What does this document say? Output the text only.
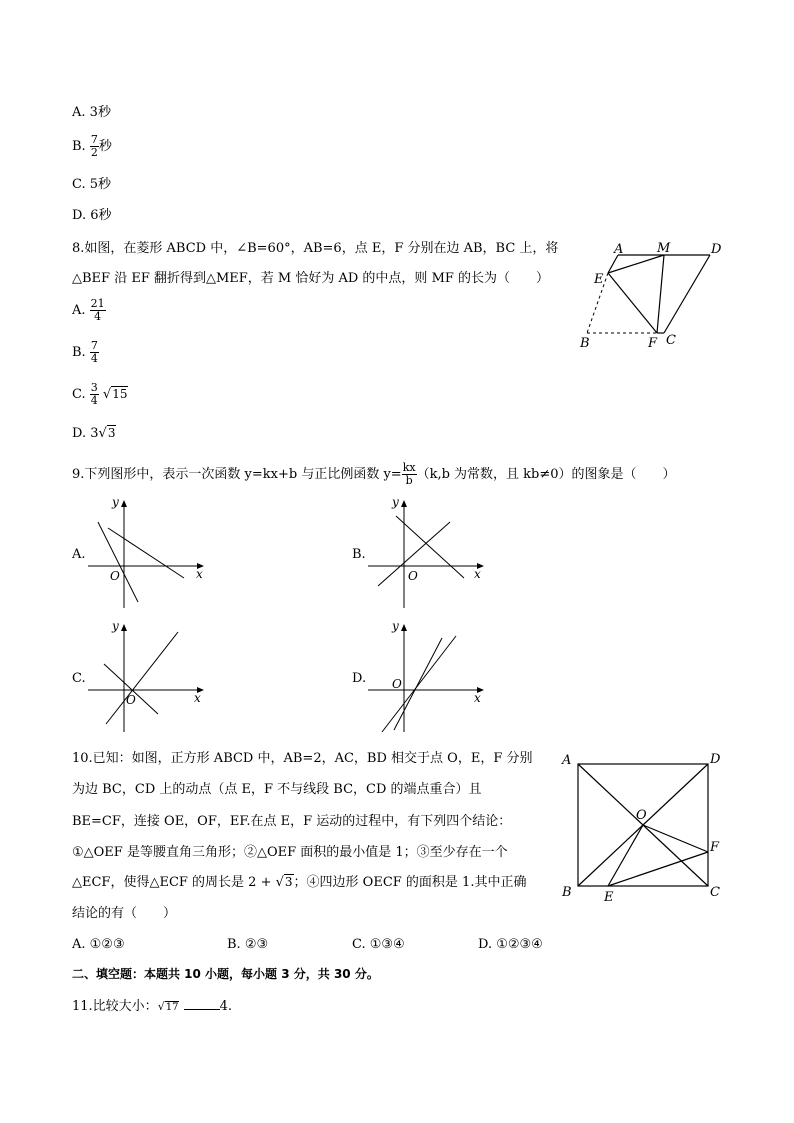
A. 3秒
B. $\frac{7}{2}$ 秒
C. 5秒
D. 6秒
8.如图，在菱形 ABCD 中，∠B=60°，AB=6，点 E，F 分别在边 AB，BC 上，将
△BEF 沿 EF 翻折得到△MEF，若 M 恰好为 AD 的中点，则 MF 的长为（　　）
A. $\frac{21}{4}$
B. $\frac{7}{4}$
C. $\frac{3}{4} √15$
D. 3√3
A	M	D
E
B	F C
9.下列图形中，表示一次函数 y=kx+b 与正比例函数 $y= \frac{kx}{b} (k,b$ 为常数，且 kb≠0）的图象是（　　）
A.
x
y
O
B.
x
y
O
C.
x
y
O
D.
x
y
O
10.已知：如图，正方形 ABCD 中，AB=2，AC，BD 相交于点 O，E，F 分别
为边 BC，CD 上的动点（点 E，F 不与线段 BC，CD 的端点重合）且
BE=CF，连接 OE，OF，EF.在点 E，F 运动的过程中，有下列四个结论：
①△OEF 是等腰直角三角形；②△OEF 面积的最小值是 1；③至少存在一个
△ECF，使得△ECF 的周长是 2 + √3；④四边形 OECF 的面积是 1.其中正确
结论的有（　　）
A. ①②③	B. ②③	C. ①③④	D. ①②③④
A	D
O
F
B E	C
二、填空题：本题共 10 小题，每小题 3 分，共 30 分。
11.比较大小：√17	4.
